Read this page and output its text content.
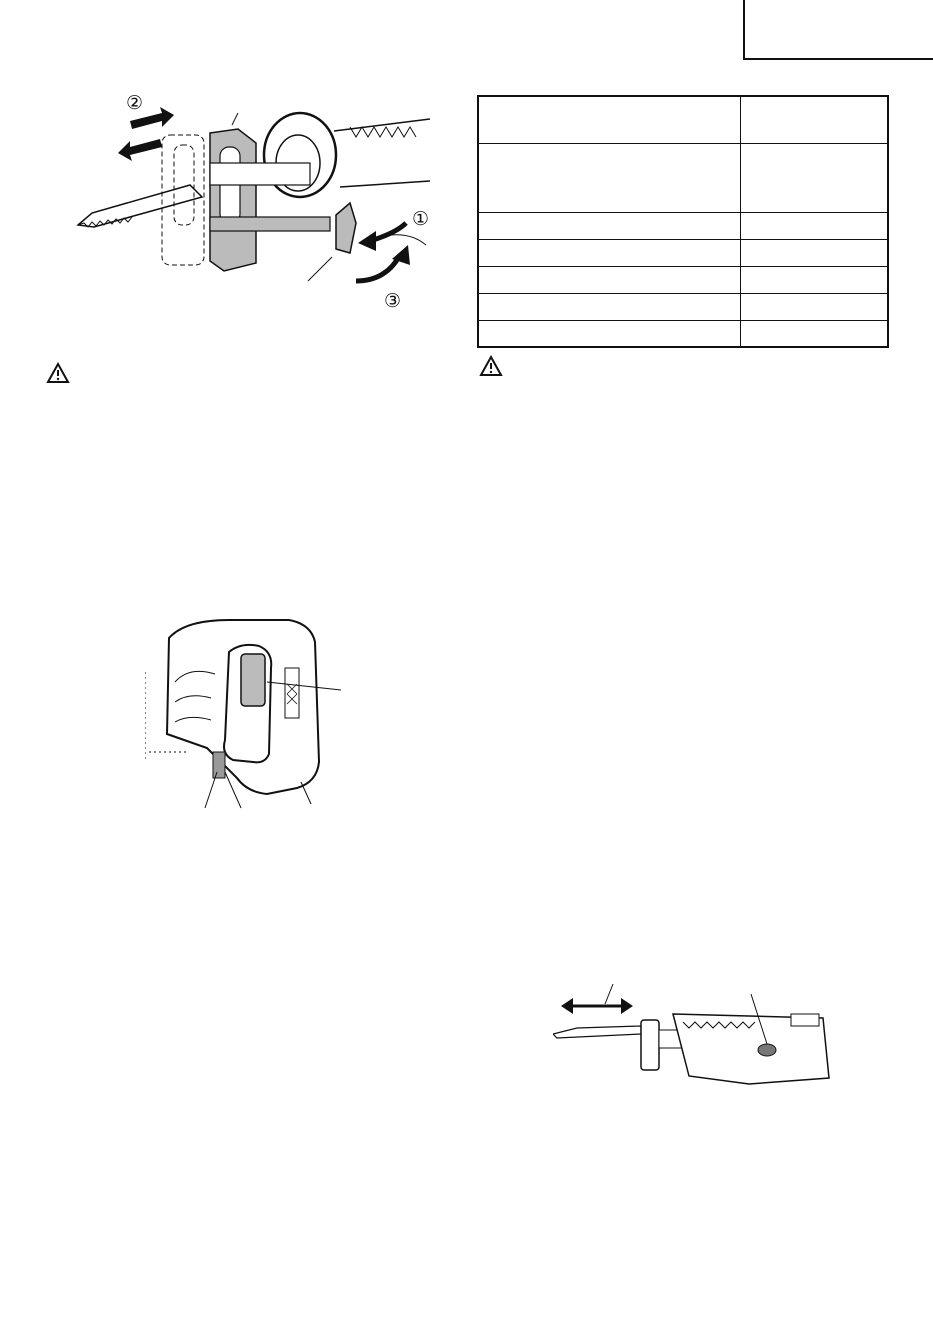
②
①
③
